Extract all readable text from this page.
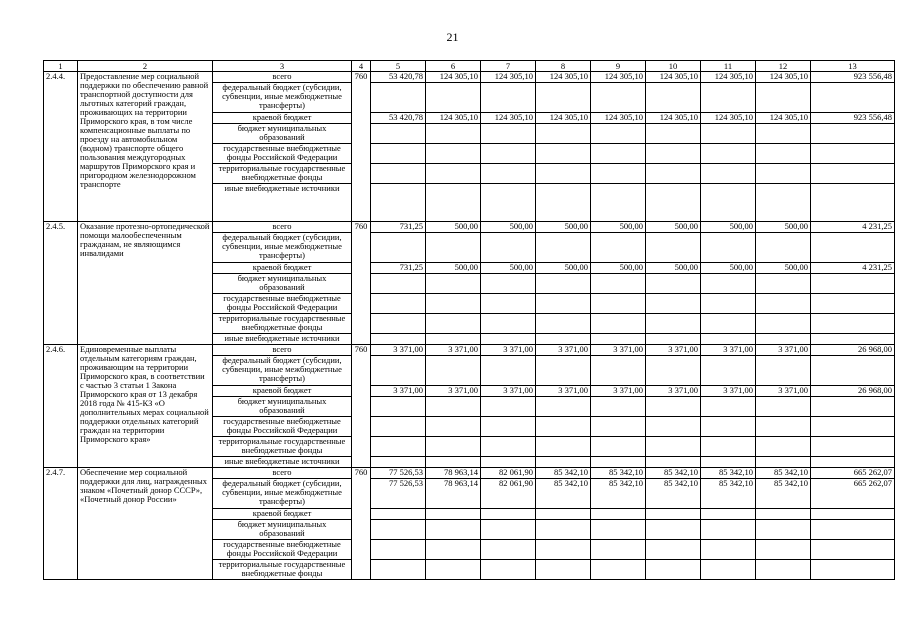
21
1	2	3	4	5	6	7	8	9	10	11	12	13
2.4.4.	Предоставление мер социальной поддержки по обеспечению равной транспортной доступности для льготных категорий граждан, проживающих на территории Приморского края, в том числе компенсационные выплаты по проезду на автомобильном (водном) транспорте общего пользования междугородных маршрутов Приморского края и пригородном железнодорожном транспорте	всего	760	53 420,78	124 305,10	124 305,10	124 305,10	124 305,10	124 305,10	124 305,10	124 305,10	923 556,48
		федеральный бюджет (субсидии, субвенции, иные межбюджетные трансферты)										
		краевой бюджет		53 420,78	124 305,10	124 305,10	124 305,10	124 305,10	124 305,10	124 305,10	124 305,10	923 556,48
		бюджет муниципальных образований										
		государственные внебюджетные фонды Российской Федерации										
		территориальные государственные внебюджетные фонды										
		иные внебюджетные источники										
2.4.5.	Оказание протезно-ортопедической помощи малообеспеченным гражданам, не являющимся инвалидами	всего	760	731,25	500,00	500,00	500,00	500,00	500,00	500,00	500,00	4 231,25
		федеральный бюджет (субсидии, субвенции, иные межбюджетные трансферты)										
		краевой бюджет		731,25	500,00	500,00	500,00	500,00	500,00	500,00	500,00	4 231,25
		бюджет муниципальных образований										
		государственные внебюджетные фонды Российской Федерации										
		территориальные государственные внебюджетные фонды										
		иные внебюджетные источники										
2.4.6.	Единовременные выплаты отдельным категориям граждан, проживающим на территории Приморского края, в соответствии с частью 3 статьи 1 Закона Приморского края от 13 декабря 2018 года № 415-КЗ «О дополнительных мерах социальной поддержки отдельных категорий граждан на территории Приморского края»	всего	760	3 371,00	3 371,00	3 371,00	3 371,00	3 371,00	3 371,00	3 371,00	3 371,00	26 968,00
		федеральный бюджет (субсидии, субвенции, иные межбюджетные трансферты)										
		краевой бюджет		3 371,00	3 371,00	3 371,00	3 371,00	3 371,00	3 371,00	3 371,00	3 371,00	26 968,00
		бюджет муниципальных образований										
		государственные внебюджетные фонды Российской Федерации										
		территориальные государственные внебюджетные фонды										
		иные внебюджетные источники										
2.4.7.	Обеспечение мер социальной поддержки для лиц, награжденных знаком «Почетный донор СССР», «Почетный донор России»	всего	760	77 526,53	78 963,14	82 061,90	85 342,10	85 342,10	85 342,10	85 342,10	85 342,10	665 262,07
		федеральный бюджет (субсидии, субвенции, иные межбюджетные трансферты)		77 526,53	78 963,14	82 061,90	85 342,10	85 342,10	85 342,10	85 342,10	85 342,10	665 262,07
		краевой бюджет										
		бюджет муниципальных образований										
		государственные внебюджетные фонды Российской Федерации										
		территориальные государственные внебюджетные фонды										
